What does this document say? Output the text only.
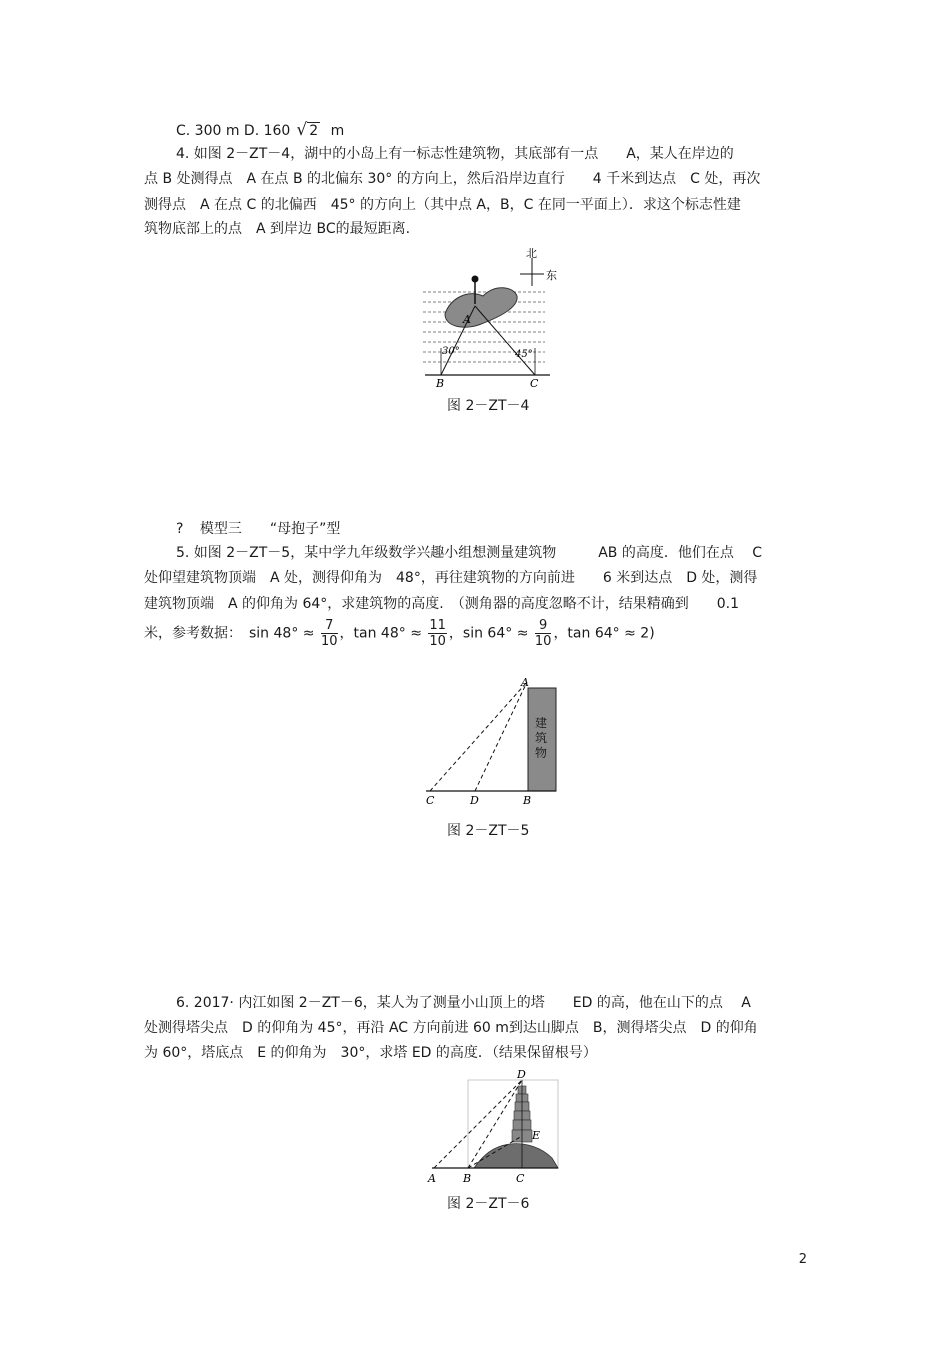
C. 300 m D. 160 √ 2 m
4. 如图 2－ZT－4，湖中的小岛上有一标志性建筑物，其底部有一点　　A，某人在岸边的
点 B 处测得点　A 在点 B 的北偏东 30° 的方向上，然后沿岸边直行　　4 千米到达点　C 处，再次
测得点　A 在点 C 的北偏西　45° 的方向上（其中点 A，B，C 在同一平面上）．求这个标志性建
筑物底部上的点　A 到岸边 BC的最短距离.
30°	45°
A
B	C
北
东
图 2－ZT－4
? 模型三　　“母抱子”型
5. 如图 2－ZT－5，某中学九年级数学兴趣小组想测量建筑物　　　AB 的高度．他们在点　 C
处仰望建筑物顶端　A 处，测得仰角为　48°，再往建筑物的方向前进　　6 米到达点　D 处，测得
建筑物顶端　A 的仰角为 64°，求建筑物的高度.　（测角器的高度忽略不计，结果精确到　　0.1
米，参考数据：　$\sin 48^\circ \approx \frac{7}{10}$ ，$\tan 48^\circ \approx \frac{11}{10}$ ，$\sin 64^\circ \approx \frac{9}{10}$ ，tan 64° ≈ 2)
建
筑
物
A
B
C	D
图 2－ZT－5
6. 2017· 内江如图 2－ZT－6，某人为了测量小山顶上的塔　　ED 的高，他在山下的点　 A
处测得塔尖点　D 的仰角为 45°，再沿 AC 方向前进 60 m到达山脚点　B，测得塔尖点　D 的仰角
为 60°，塔底点　E 的仰角为　30°，求塔 ED 的高度．（结果保留根号）
D
E
A B	C
图 2－ZT－6
2
